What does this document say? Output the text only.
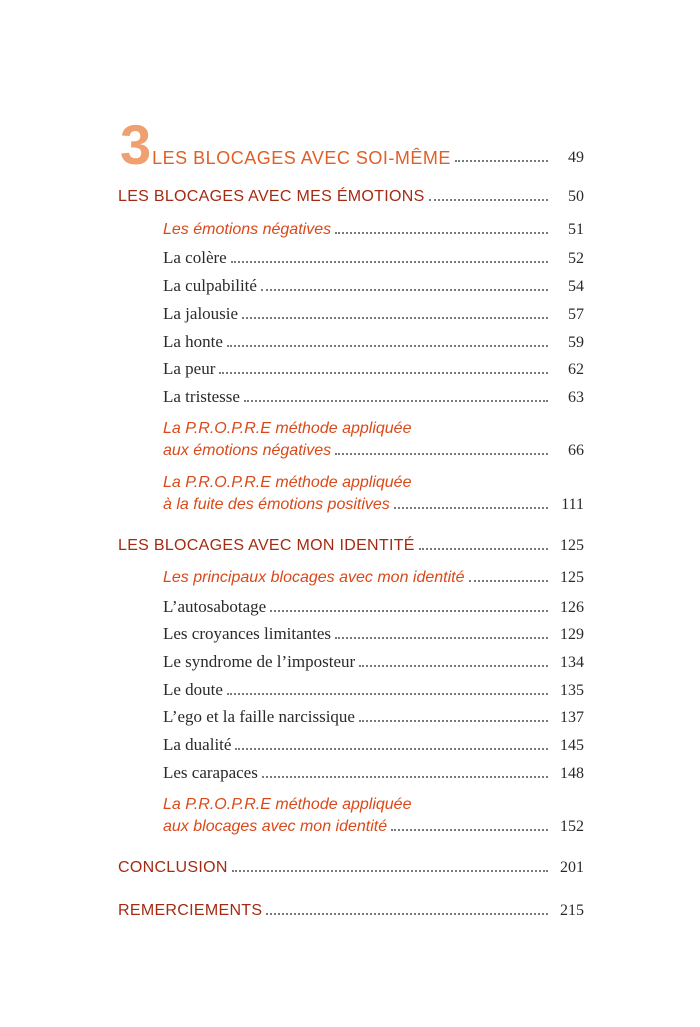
3 LES BLOCAGES AVEC SOI-MÊME	49
LES BLOCAGES AVEC MES ÉMOTIONS	50
Les émotions négatives	51
La colère	52
La culpabilité	54
La jalousie	57
La honte	59
La peur	62
La tristesse	63
La P.R.O.P.R.E méthode appliquée
aux émotions négatives	66
La P.R.O.P.R.E méthode appliquée
à la fuite des émotions positives	111
LES BLOCAGES AVEC MON IDENTITÉ	125
Les principaux blocages avec mon identité	125
L’autosabotage	126
Les croyances limitantes	129
Le syndrome de l’imposteur	134
Le doute	135
L’ego et la faille narcissique	137
La dualité	145
Les carapaces	148
La P.R.O.P.R.E méthode appliquée
aux blocages avec mon identité	152
CONCLUSION	201
REMERCIEMENTS	215
